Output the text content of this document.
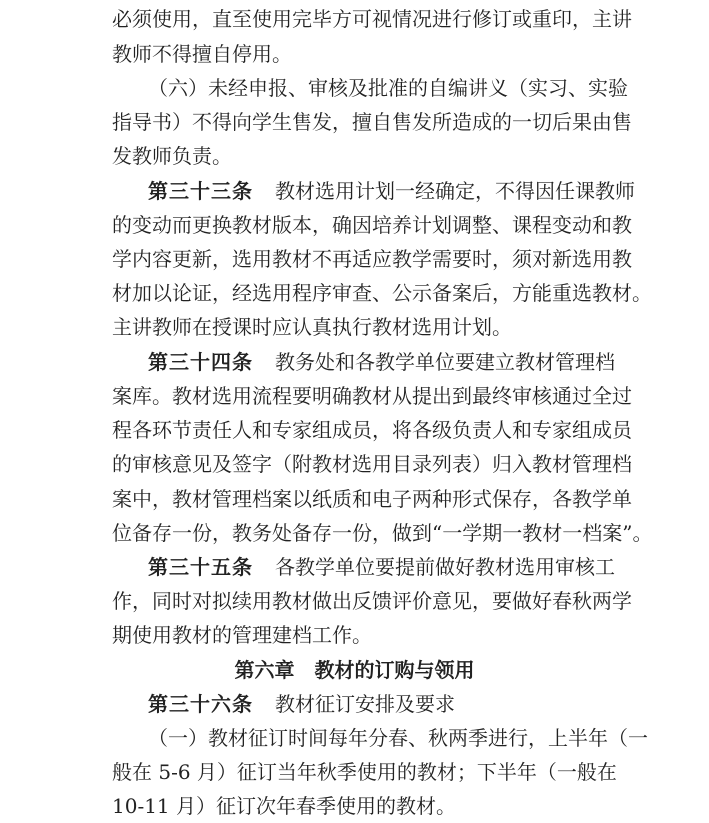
必须使用，直至使用完毕方可视情况进行修订或重印，主讲
教师不得擅自停用。
（六）未经申报、审核及批准的自编讲义（实习、实验
指导书）不得向学生售发，擅自售发所造成的一切后果由售
发教师负责。
第三十三条 教材选用计划一经确定，不得因任课教师
的变动而更换教材版本，确因培养计划调整、课程变动和教
学内容更新，选用教材不再适应教学需要时，须对新选用教
材加以论证，经选用程序审查、公示备案后，方能重选教材。
主讲教师在授课时应认真执行教材选用计划。
第三十四条 教务处和各教学单位要建立教材管理档
案库。教材选用流程要明确教材从提出到最终审核通过全过
程各环节责任人和专家组成员，将各级负责人和专家组成员
的审核意见及签字（附教材选用目录列表）归入教材管理档
案中，教材管理档案以纸质和电子两种形式保存，各教学单
位备存一份，教务处备存一份，做到“一学期一教材一档案”。
第三十五条 各教学单位要提前做好教材选用审核工
作，同时对拟续用教材做出反馈评价意见，要做好春秋两学
期使用教材的管理建档工作。
第六章　教材的订购与领用
第三十六条 教材征订安排及要求
（一）教材征订时间每年分春、秋两季进行，上半年（一
般在 5-6 月）征订当年秋季使用的教材；下半年（一般在
10-11 月）征订次年春季使用的教材。
